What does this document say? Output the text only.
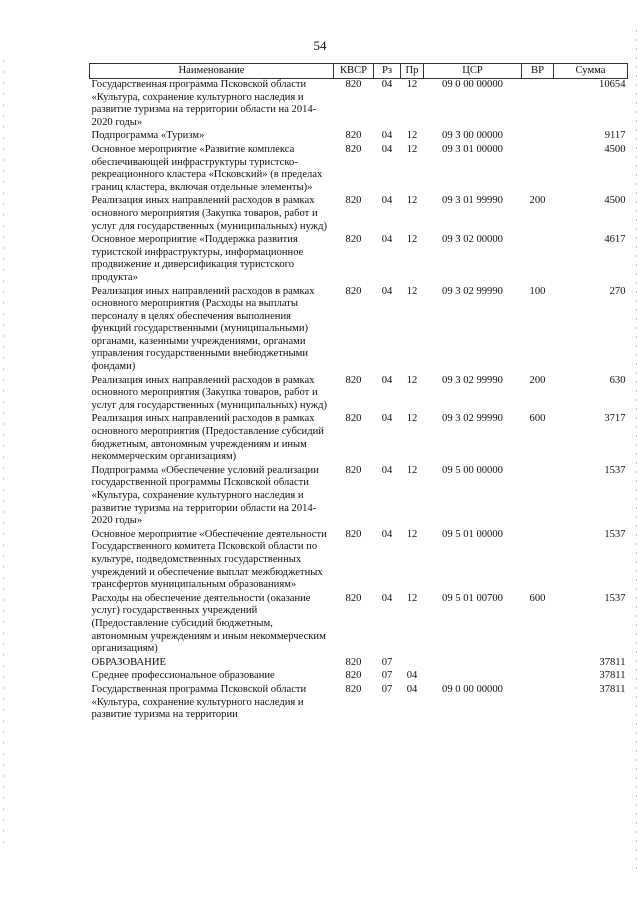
54
Наименование	КВСР	Рз	Пр	ЦСР	ВР	Сумма
Государственная программа Псковской области «Культура, сохранение культурного наследия и развитие туризма на территории области на 2014-2020 годы»	820	04	12	09 0 00 00000		10654
Подпрограмма «Туризм»	820	04	12	09 3 00 00000		9117
Основное мероприятие «Развитие комплекса обеспечивающей инфраструктуры туристско-рекреационного кластера «Псковский» (в пределах границ кластера, включая отдельные элементы)»	820	04	12	09 3 01 00000		4500
Реализация иных направлений расходов в рамках основного мероприятия (Закупка товаров, работ и услуг для государственных (муниципальных) нужд)	820	04	12	09 3 01 99990	200	4500
Основное мероприятие «Поддержка развития туристской инфраструктуры, информационное продвижение и диверсификация туристского продукта»	820	04	12	09 3 02 00000		4617
Реализация иных направлений расходов в рамках основного мероприятия (Расходы на выплаты персоналу в целях обеспечения выполнения функций государственными (муниципальными) органами, казенными учреждениями, органами управления государственными внебюджетными фондами)	820	04	12	09 3 02 99990	100	270
Реализация иных направлений расходов в рамках основного мероприятия (Закупка товаров, работ и услуг для государственных (муниципальных) нужд)	820	04	12	09 3 02 99990	200	630
Реализация иных направлений расходов в рамках основного мероприятия (Предоставление субсидий бюджетным, автономным учреждениям и иным некоммерческим организациям)	820	04	12	09 3 02 99990	600	3717
Подпрограмма «Обеспечение условий реализации государственной программы Псковской области «Культура, сохранение культурного наследия и развитие туризма на территории области на 2014-2020 годы»	820	04	12	09 5 00 00000		1537
Основное мероприятие «Обеспечение деятельности Государственного комитета Псковской области по культуре, подведомственных государственных учреждений и обеспечение выплат межбюджетных трансфертов муниципальным образованиям»	820	04	12	09 5 01 00000		1537
Расходы на обеспечение деятельности (оказание услуг) государственных учреждений (Предоставление субсидий бюджетным, автономным учреждениям и иным некоммерческим организациям)	820	04	12	09 5 01 00700	600	1537
ОБРАЗОВАНИЕ	820	07				37811
Среднее профессиональное образование	820	07	04			37811
Государственная программа Псковской области «Культура, сохранение культурного наследия и развитие туризма на территории	820	07	04	09 0 00 00000		37811
